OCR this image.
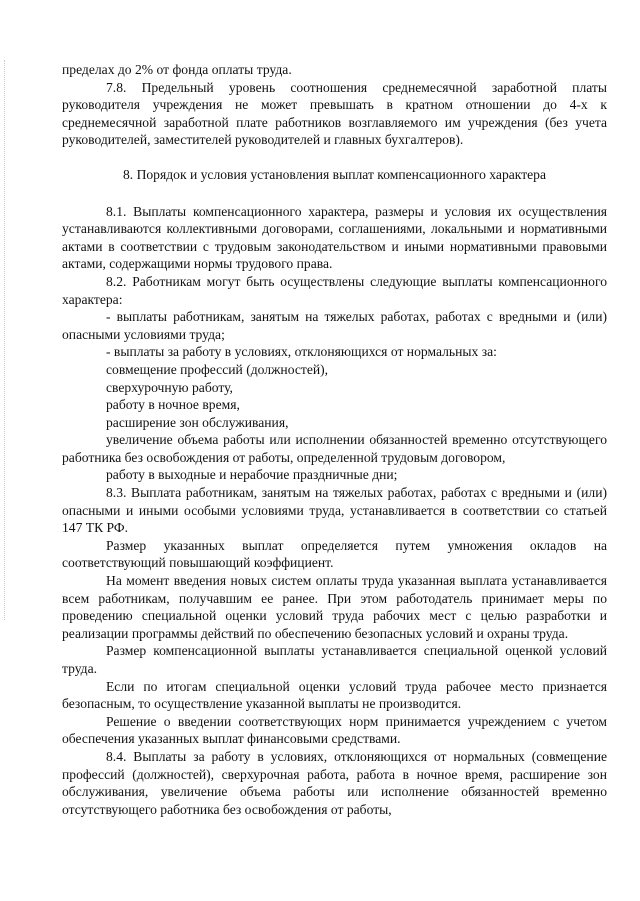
пределах до 2% от фонда оплаты труда.

7.8. Предельный уровень соотношения среднемесячной заработной платы руководителя учреждения не может превышать в кратном отношении до 4-х к среднемесячной заработной плате работников возглавляемого им учреждения (без учета руководителей, заместителей руководителей и главных бухгалтеров).

8. Порядок и условия установления выплат компенсационного характера

8.1. Выплаты компенсационного характера, размеры и условия их осуществления устанавливаются коллективными договорами, соглашениями, локальными и нормативными актами в соответствии с трудовым законодательством и иными нормативными правовыми актами, содержащими нормы трудового права.

8.2. Работникам могут быть осуществлены следующие выплаты компенсационного характера:

- выплаты работникам, занятым на тяжелых работах, работах с вредными и (или) опасными условиями труда;

- выплаты за работу в условиях, отклоняющихся от нормальных за:

совмещение профессий (должностей),

сверхурочную работу,

работу в ночное время,

расширение зон обслуживания,

увеличение объема работы или исполнении обязанностей временно отсутствующего работника без освобождения от работы, определенной трудовым договором,

работу в выходные и нерабочие праздничные дни;

8.3. Выплата работникам, занятым на тяжелых работах, работах с вредными и (или) опасными и иными особыми условиями труда, устанавливается в соответствии со статьей 147 ТК РФ.

Размер указанных выплат определяется путем умножения окладов на соответствующий повышающий коэффициент.

На момент введения новых систем оплаты труда указанная выплата устанавливается всем работникам, получавшим ее ранее. При этом работодатель принимает меры по проведению специальной оценки условий труда рабочих мест с целью разработки и реализации программы действий по обеспечению безопасных условий и охраны труда.

Размер компенсационной выплаты устанавливается специальной оценкой условий труда.

Если по итогам специальной оценки условий труда рабочее место признается безопасным, то осуществление указанной выплаты не производится.

Решение о введении соответствующих норм принимается учреждением с учетом обеспечения указанных выплат финансовыми средствами.

8.4. Выплаты за работу в условиях, отклоняющихся от нормальных (совмещение профессий (должностей), сверхурочная работа, работа в ночное время, расширение зон обслуживания, увеличение объема работы или исполнение обязанностей временно отсутствующего работника без освобождения от работы,
